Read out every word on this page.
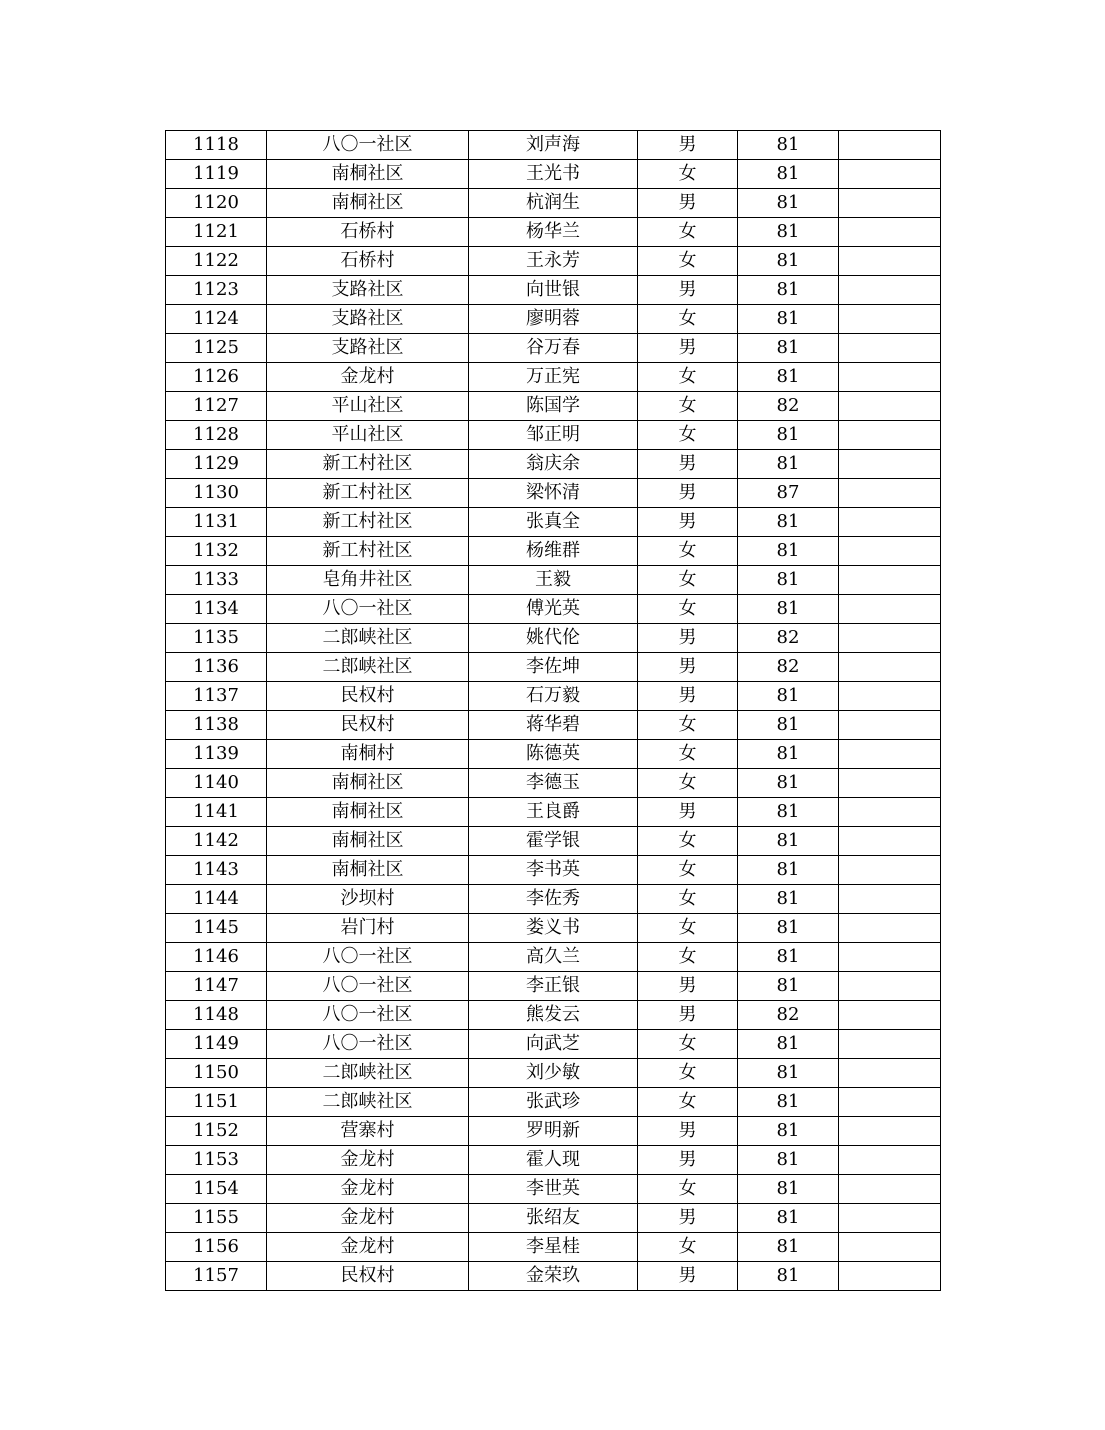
1118	八〇一社区	刘声海	男	81	
1119	南桐社区	王光书	女	81	
1120	南桐社区	杭润生	男	81	
1121	石桥村	杨华兰	女	81	
1122	石桥村	王永芳	女	81	
1123	支路社区	向世银	男	81	
1124	支路社区	廖明蓉	女	81	
1125	支路社区	谷万春	男	81	
1126	金龙村	万正宪	女	81	
1127	平山社区	陈国学	女	82	
1128	平山社区	邹正明	女	81	
1129	新工村社区	翁庆余	男	81	
1130	新工村社区	梁怀清	男	87	
1131	新工村社区	张真全	男	81	
1132	新工村社区	杨维群	女	81	
1133	皂角井社区	王毅	女	81	
1134	八〇一社区	傅光英	女	81	
1135	二郎峡社区	姚代伦	男	82	
1136	二郎峡社区	李佐坤	男	82	
1137	民权村	石万毅	男	81	
1138	民权村	蒋华碧	女	81	
1139	南桐村	陈德英	女	81	
1140	南桐社区	李德玉	女	81	
1141	南桐社区	王良爵	男	81	
1142	南桐社区	霍学银	女	81	
1143	南桐社区	李书英	女	81	
1144	沙坝村	李佐秀	女	81	
1145	岩门村	娄义书	女	81	
1146	八〇一社区	高久兰	女	81	
1147	八〇一社区	李正银	男	81	
1148	八〇一社区	熊发云	男	82	
1149	八〇一社区	向武芝	女	81	
1150	二郎峡社区	刘少敏	女	81	
1151	二郎峡社区	张武珍	女	81	
1152	营寨村	罗明新	男	81	
1153	金龙村	霍人现	男	81	
1154	金龙村	李世英	女	81	
1155	金龙村	张绍友	男	81	
1156	金龙村	李星桂	女	81	
1157	民权村	金荣玖	男	81	
